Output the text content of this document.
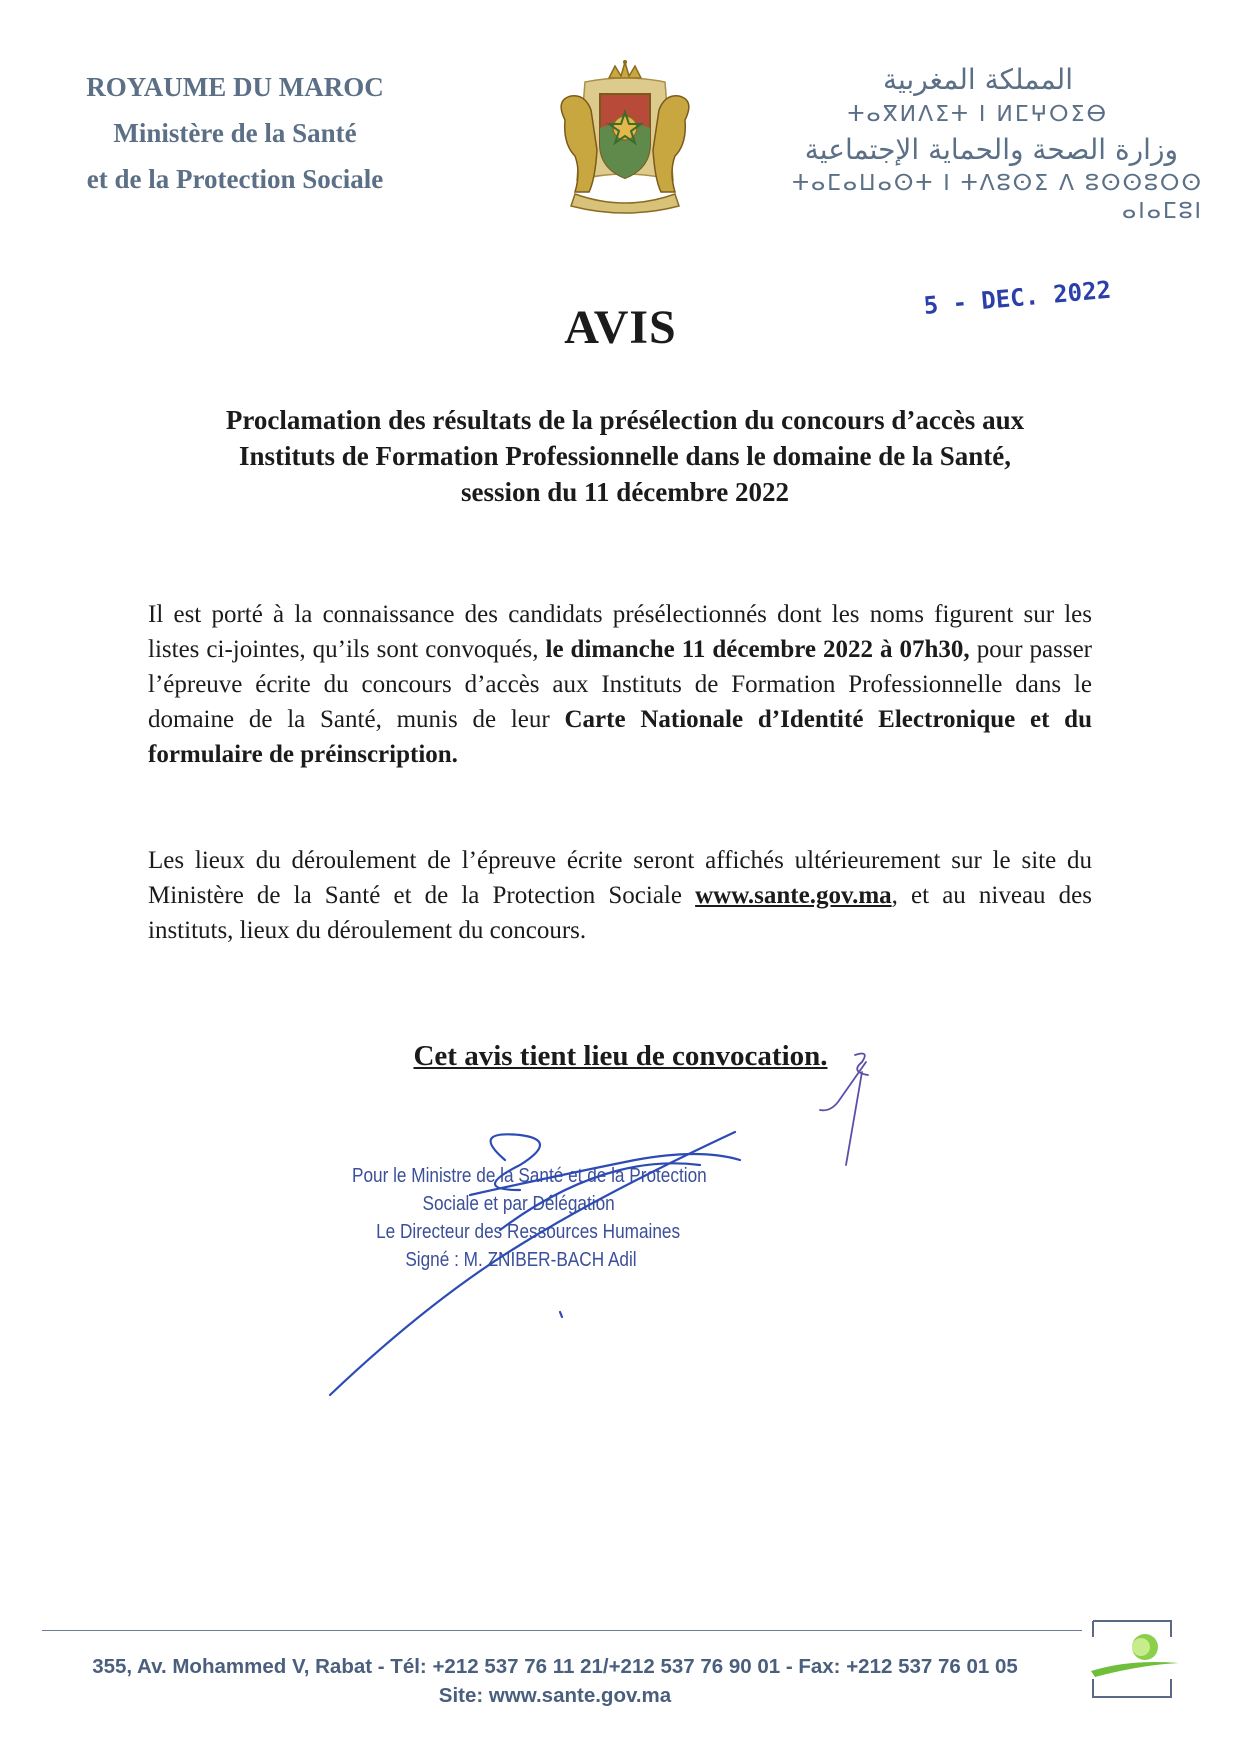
ROYAUME DU MAROC
Ministère de la Santé
et de la Protection Sociale
المملكة المغربية
ⵜⴰⴳⵍⴷⵉⵜ ⵏ ⵍⵎⵖⵔⵉⴱ
وزارة الصحة والحماية الإجتماعية
ⵜⴰⵎⴰⵡⴰⵙⵜ ⵏ ⵜⴷⵓⵙⵉ ⴷ ⵓⵙⵙⵓⵔⵙ ⴰⵏⴰⵎⵓⵏ
AVIS
5 - DEC. 2022
Proclamation des résultats de la présélection du concours d’accès aux
Instituts de Formation Professionnelle dans le domaine de la Santé,
session du 11 décembre 2022
Il est porté à la connaissance des candidats présélectionnés dont les noms figurent sur les listes ci-jointes, qu’ils sont convoqués, le dimanche 11 décembre 2022 à 07h30, pour passer l’épreuve écrite du concours d’accès aux Instituts de Formation Professionnelle dans le domaine de la Santé, munis de leur Carte Nationale d’Identité Electronique et du formulaire de préinscription.
Les lieux du déroulement de l’épreuve écrite seront affichés ultérieurement sur le site du Ministère de la Santé et de la Protection Sociale www.sante.gov.ma, et au niveau des instituts, lieux du déroulement du concours.
Cet avis tient lieu de convocation.
Pour le Ministre de la Santé et de la Protection
Sociale et par Délégation
Le Directeur des Ressources Humaines
Signé : M. ZNIBER-BACH Adil
355, Av. Mohammed V, Rabat - Tél: +212 537 76 11 21/+212 537 76 90 01 - Fax: +212 537 76 01 05
Site: www.sante.gov.ma
